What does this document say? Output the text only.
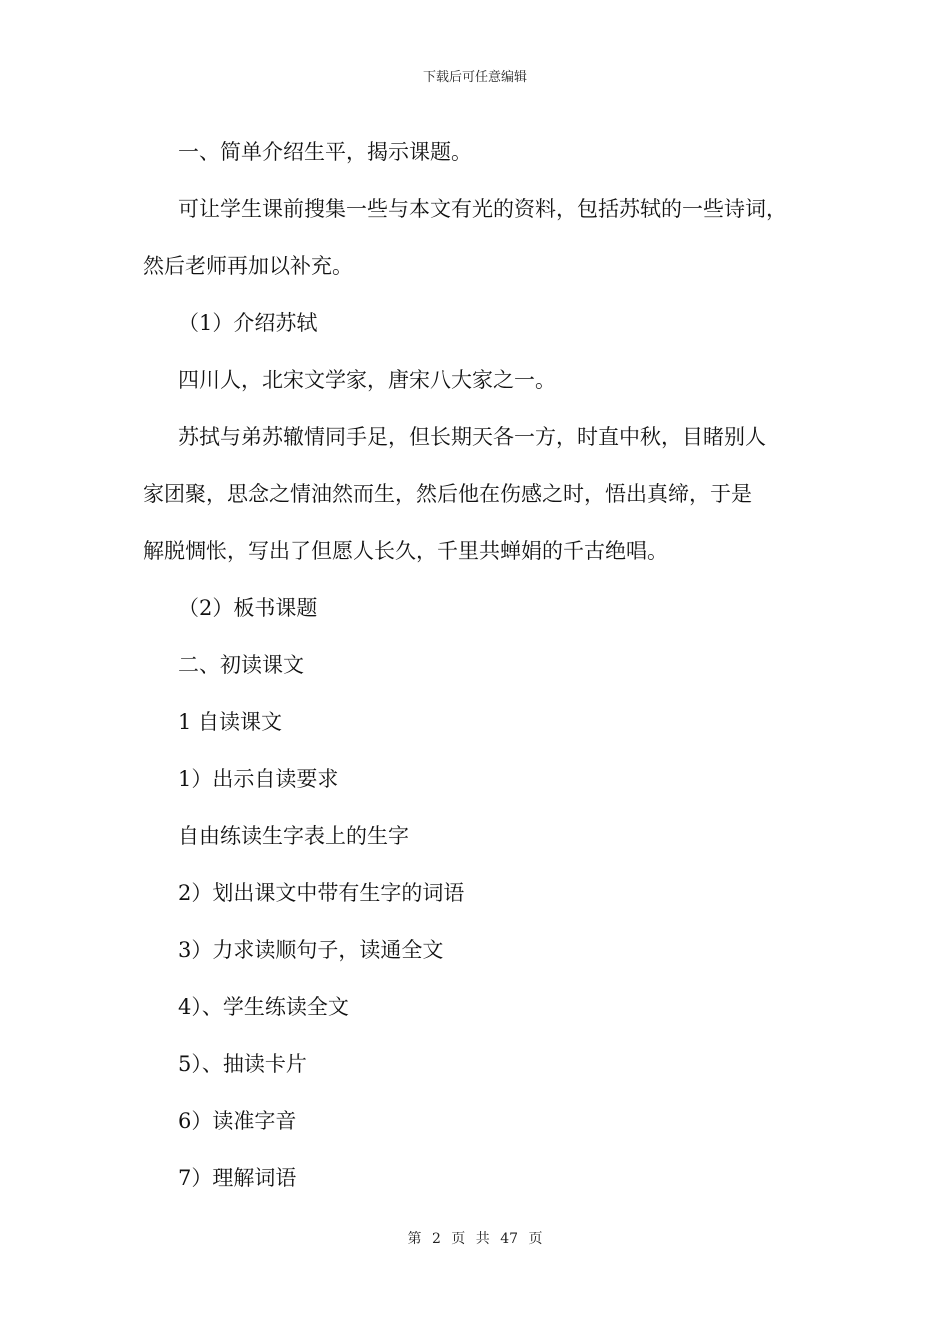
下载后可任意编辑
一、简单介绍生平，揭示课题。
可让学生课前搜集一些与本文有光的资料，包括苏轼的一些诗词，
然后老师再加以补充。
（1）介绍苏轼
四川人，北宋文学家，唐宋八大家之一。
苏拭与弟苏辙情同手足，但长期天各一方，时直中秋，目睹别人
家团聚，思念之情油然而生，然后他在伤感之时，悟出真缔，于是
解脱惆怅，写出了但愿人长久，千里共蝉娟的千古绝唱。
（2）板书课题
二、初读课文
1 自读课文
1）出示自读要求
自由练读生字表上的生字
2）划出课文中带有生字的词语
3）力求读顺句子，读通全文
4）、学生练读全文
5）、抽读卡片
6）读准字音
7）理解词语
第 2 页 共 47 页
